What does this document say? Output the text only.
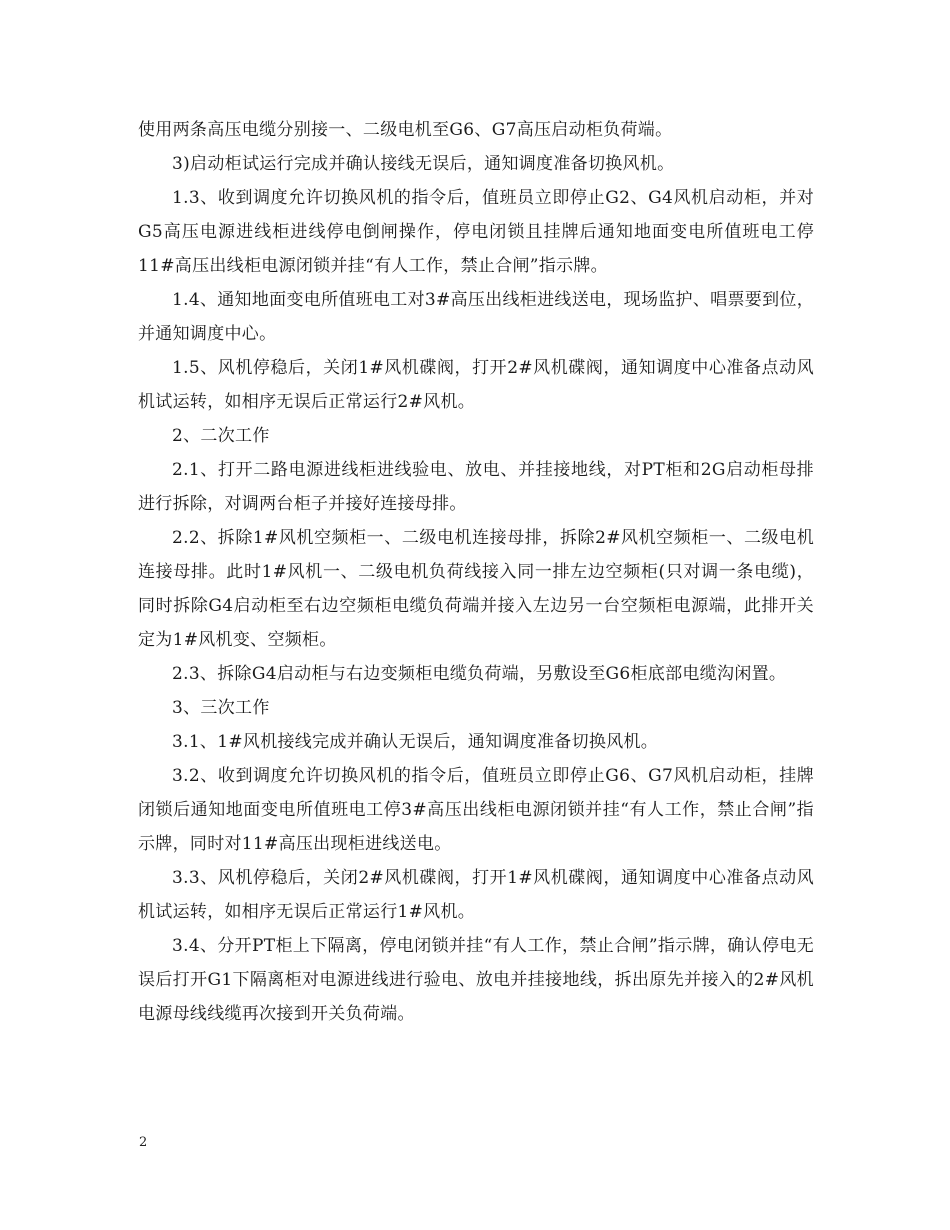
使用两条高压电缆分别接一、二级电机至G6、G7高压启动柜负荷端。

3)启动柜试运行完成并确认接线无误后，通知调度准备切换风机。

1.3、收到调度允许切换风机的指令后，值班员立即停止G2、G4风机启动柜，并对G5高压电源进线柜进线停电倒闸操作，停电闭锁且挂牌后通知地面变电所值班电工停11#高压出线柜电源闭锁并挂“有人工作，禁止合闸”指示牌。

1.4、通知地面变电所值班电工对3#高压出线柜进线送电，现场监护、唱票要到位，并通知调度中心。

1.5、风机停稳后，关闭1#风机碟阀，打开2#风机碟阀，通知调度中心准备点动风机试运转，如相序无误后正常运行2#风机。

2、二次工作

2.1、打开二路电源进线柜进线验电、放电、并挂接地线，对PT柜和2G启动柜母排进行拆除，对调两台柜子并接好连接母排。

2.2、拆除1#风机空频柜一、二级电机连接母排，拆除2#风机空频柜一、二级电机连接母排。此时1#风机一、二级电机负荷线接入同一排左边空频柜(只对调一条电缆)，同时拆除G4启动柜至右边空频柜电缆负荷端并接入左边另一台空频柜电源端，此排开关定为1#风机变、空频柜。

2.3、拆除G4启动柜与右边变频柜电缆负荷端，另敷设至G6柜底部电缆沟闲置。

3、三次工作

3.1、1#风机接线完成并确认无误后，通知调度准备切换风机。

3.2、收到调度允许切换风机的指令后，值班员立即停止G6、G7风机启动柜，挂牌闭锁后通知地面变电所值班电工停3#高压出线柜电源闭锁并挂“有人工作，禁止合闸”指示牌，同时对11#高压出现柜进线送电。

3.3、风机停稳后，关闭2#风机碟阀，打开1#风机碟阀，通知调度中心准备点动风机试运转，如相序无误后正常运行1#风机。

3.4、分开PT柜上下隔离，停电闭锁并挂“有人工作，禁止合闸”指示牌，确认停电无误后打开G1下隔离柜对电源进线进行验电、放电并挂接地线，拆出原先并接入的2#风机电源母线线缆再次接到开关负荷端。

2
